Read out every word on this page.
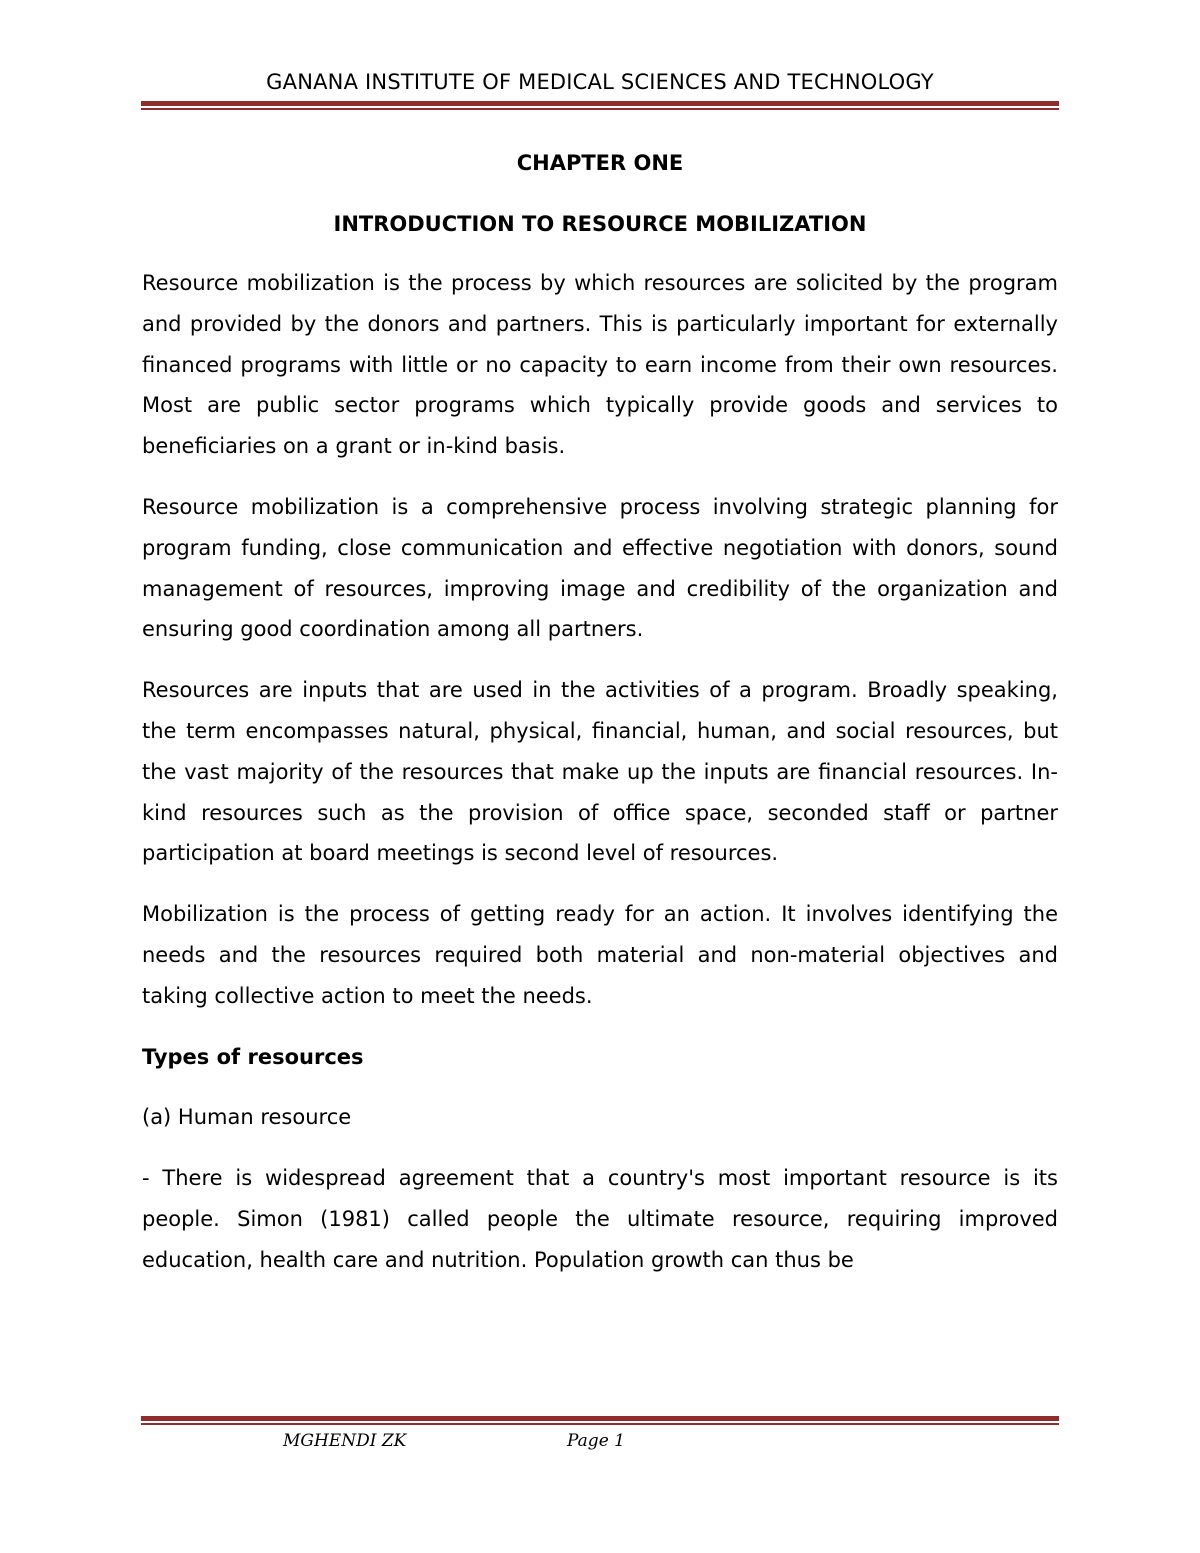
GANANA INSTITUTE OF MEDICAL SCIENCES AND TECHNOLOGY

CHAPTER ONE

INTRODUCTION TO RESOURCE MOBILIZATION

Resource mobilization is the process by which resources are solicited by the program and provided by the donors and partners. This is particularly important for externally financed programs with little or no capacity to earn income from their own resources. Most are public sector programs which typically provide goods and services to beneficiaries on a grant or in-kind basis.

Resource mobilization is a comprehensive process involving strategic planning for program funding, close communication and effective negotiation with donors, sound management of resources, improving image and credibility of the organization and ensuring good coordination among all partners.

Resources are inputs that are used in the activities of a program. Broadly speaking, the term encompasses natural, physical, financial, human, and social resources, but the vast majority of the resources that make up the inputs are financial resources. In-kind resources such as the provision of office space, seconded staff or partner participation at board meetings is second level of resources.

Mobilization is the process of getting ready for an action. It involves identifying the needs and the resources required both material and non-material objectives and taking collective action to meet the needs.

Types of resources

(a) Human resource

- There is widespread agreement that a country's most important resource is its people. Simon (1981) called people the ultimate resource, requiring improved education, health care and nutrition. Population growth can thus be

MGHENDI ZK	Page 1
